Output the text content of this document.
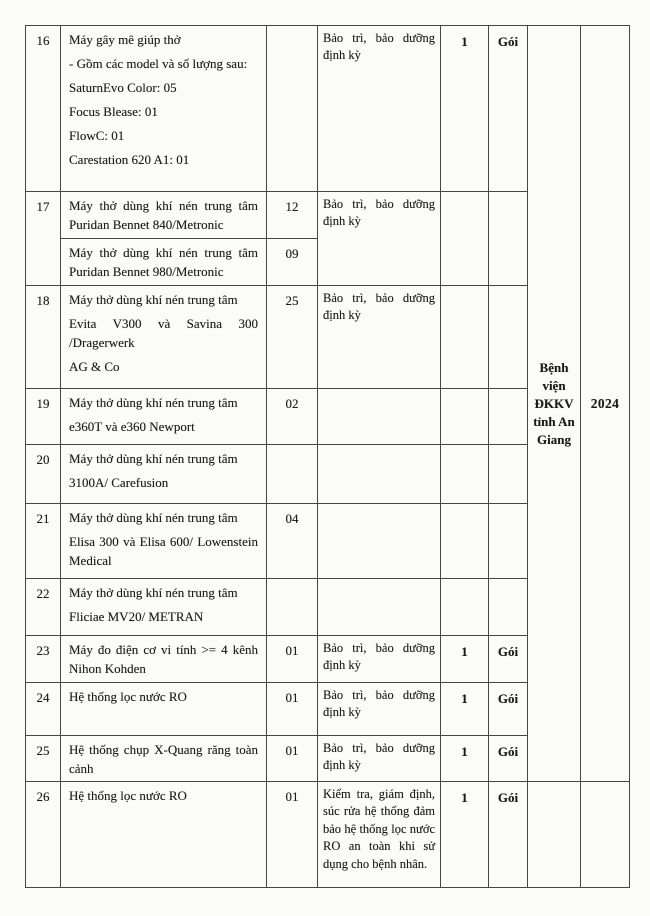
16	Máy gây mê giúp thở

- Gồm các model và số lượng sau:

SaturnEvo Color: 05

Focus Blease: 01

FlowC: 01

Carestation 620 A1: 01

		Bảo trì, bảo dưỡng định kỳ	1	Gói	Bệnh viện ĐKKV tỉnh An Giang	2024
17	Máy thở dùng khí nén trung tâm Puridan Bennet 840/Metronic	12	Bảo trì, bảo dưỡng định kỳ				

	Máy thở dùng khí nén trung tâm Puridan Bennet 980/Metronic	09					
18	Máy thở dùng khí nén trung tâm

Evita V300 và Savina 300 /Dragerwerk

AG & Co	25	Bảo trì, bảo dưỡng định kỳ				
19	Máy thở dùng khí nén trung tâm

e360T và e360 Newport	02					
20	Máy thở dùng khí nén trung tâm

3100A/ Carefusion						

21	Máy thở dùng khí nén trung tâm

Elisa 300 và Elisa 600/ Lowenstein Medical	04					
22	Máy thở dùng khí nén trung tâm

Fliciae MV20/ METRAN						

23	Máy đo điện cơ vi tính >= 4 kênh Nihon Kohden	01	Bảo trì, bảo dưỡng định kỳ	1	Gói		
24	Hệ thống lọc nước RO	01	Bảo trì, bảo dưỡng định kỳ	1	Gói		
25	Hệ thống chụp X-Quang răng toàn cảnh	01	Bảo trì, bảo dưỡng định kỳ	1	Gói		
26	Hệ thống lọc nước RO	01	Kiểm tra, giám định, súc rửa hệ thống đảm bảo hệ thống lọc nước RO an toàn khi sử dụng cho bệnh nhân.	1	Gói		
